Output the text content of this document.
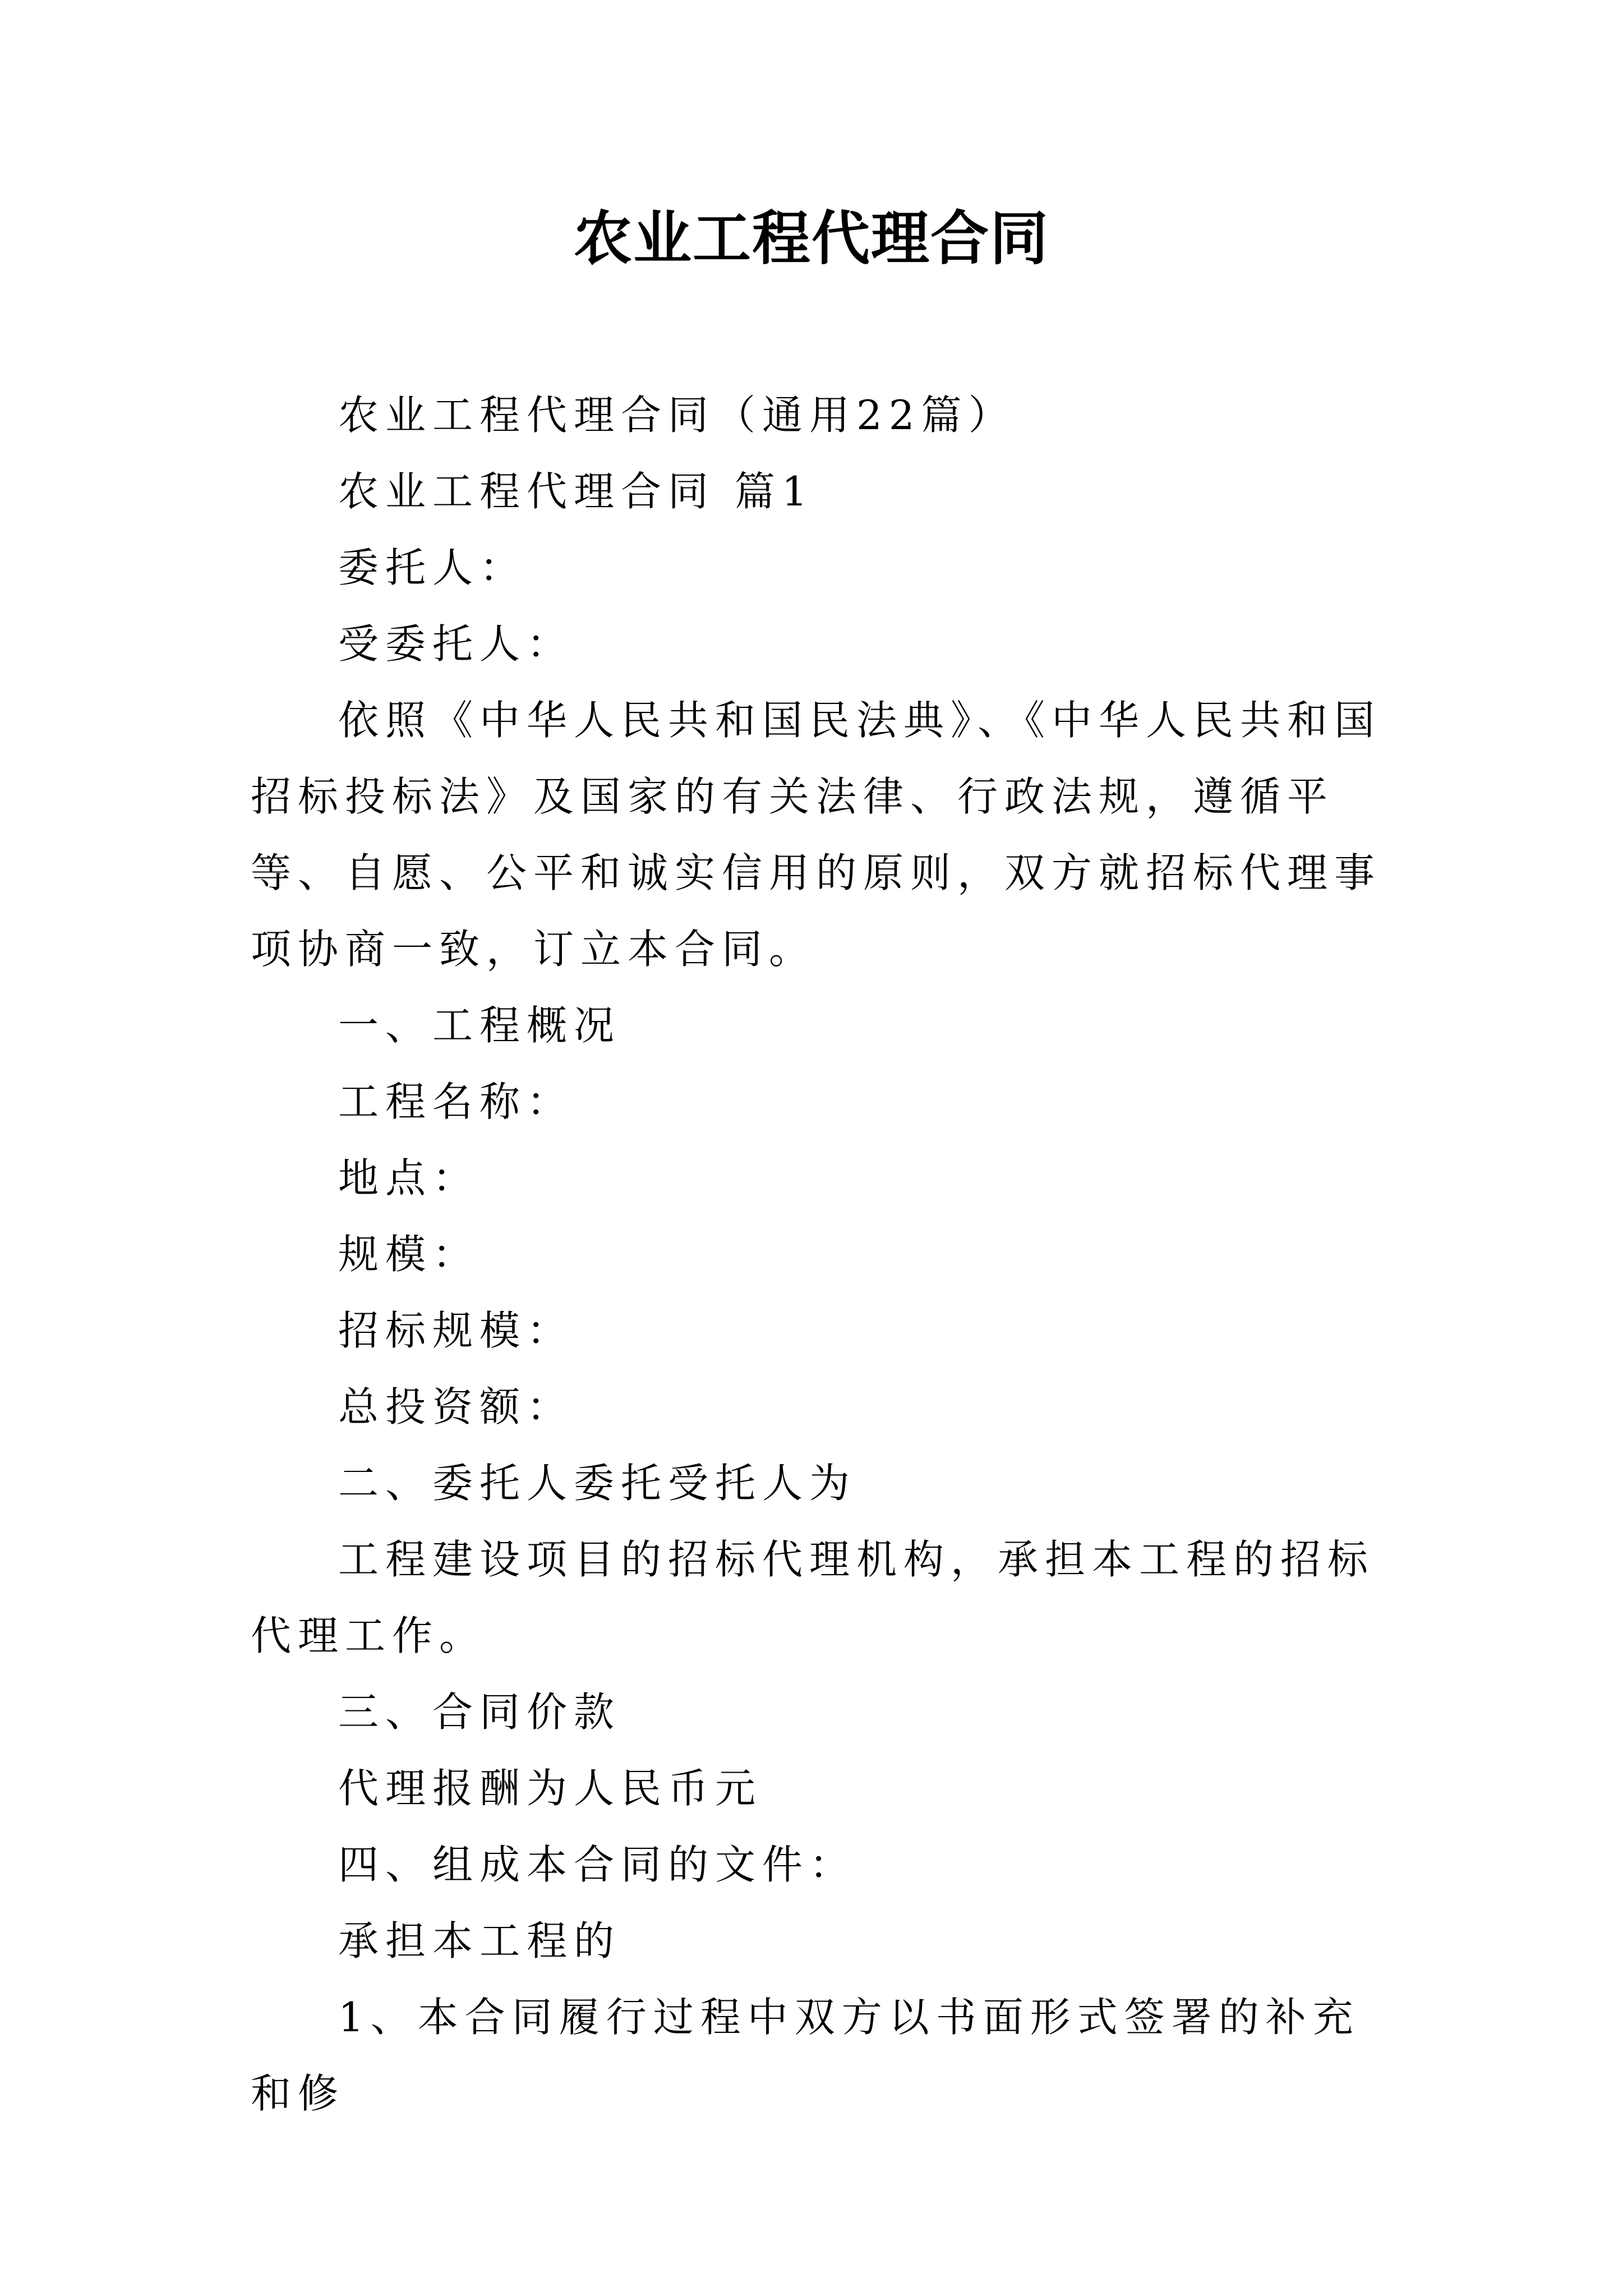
农业工程代理合同

农业工程代理合同（通用22篇）

农业工程代理合同 篇1

委托人：

受委托人：

依照《中华人民共和国民法典》、《中华人民共和国招标投标法》及国家的有关法律、行政法规，遵循平等、自愿、公平和诚实信用的原则，双方就招标代理事项协商一致，订立本合同。

一、工程概况

工程名称：

地点：

规模：

招标规模：

总投资额：

二、委托人委托受托人为

工程建设项目的招标代理机构，承担本工程的招标代理工作。

三、合同价款

代理报酬为人民币元

四、组成本合同的文件：

承担本工程的

1、本合同履行过程中双方以书面形式签署的补充和修
